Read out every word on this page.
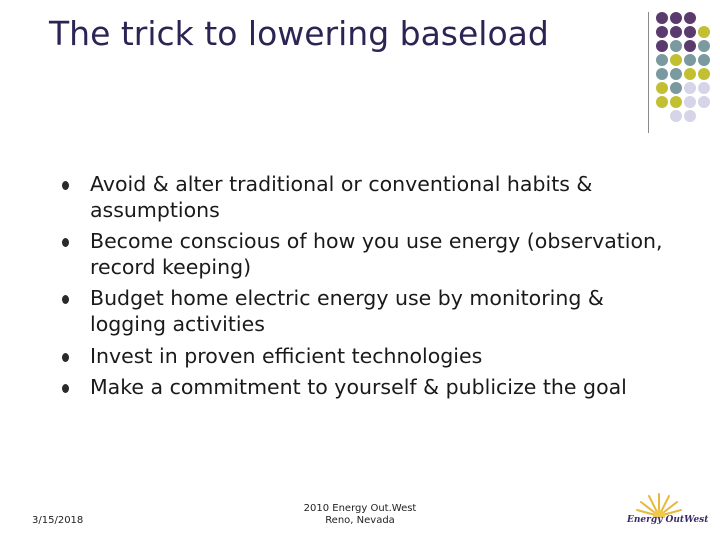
The trick to lowering baseload
Avoid & alter traditional or conventional habits & assumptions
Become conscious of how you use energy (observation, record keeping)
Budget home electric energy use by monitoring & logging activities
Invest in proven efficient technologies
Make a commitment to yourself & publicize the goal
3/15/2018
2010 Energy Out.West
Reno, Nevada	Energy OutWest
